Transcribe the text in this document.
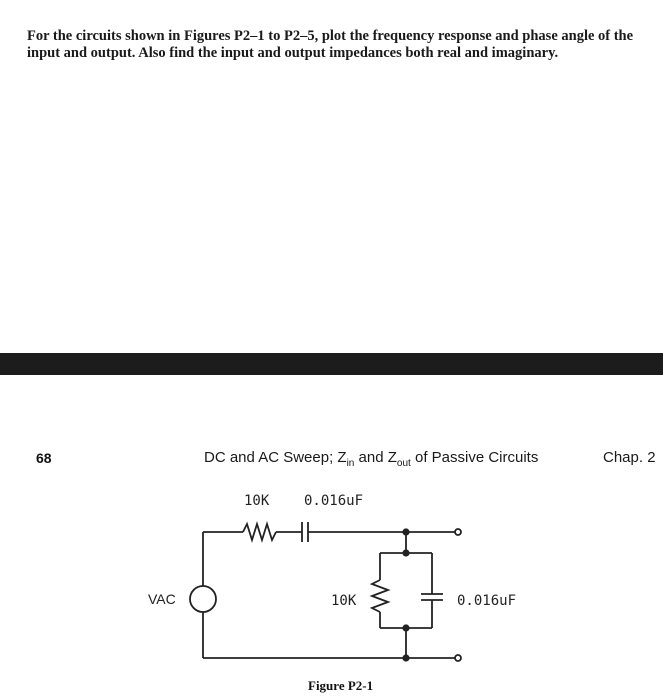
For the circuits shown in Figures P2–1 to P2–5, plot the frequency response and phase angle of the input and output. Also find the input and output impedances both real and imaginary.

68	DC and AC Sweep; $Z_{in}$ and $Z_{out}$ of Passive Circuits	Chap. 2
10K 0.016uF
VAC	10K	0.016uF
Figure P2-1
